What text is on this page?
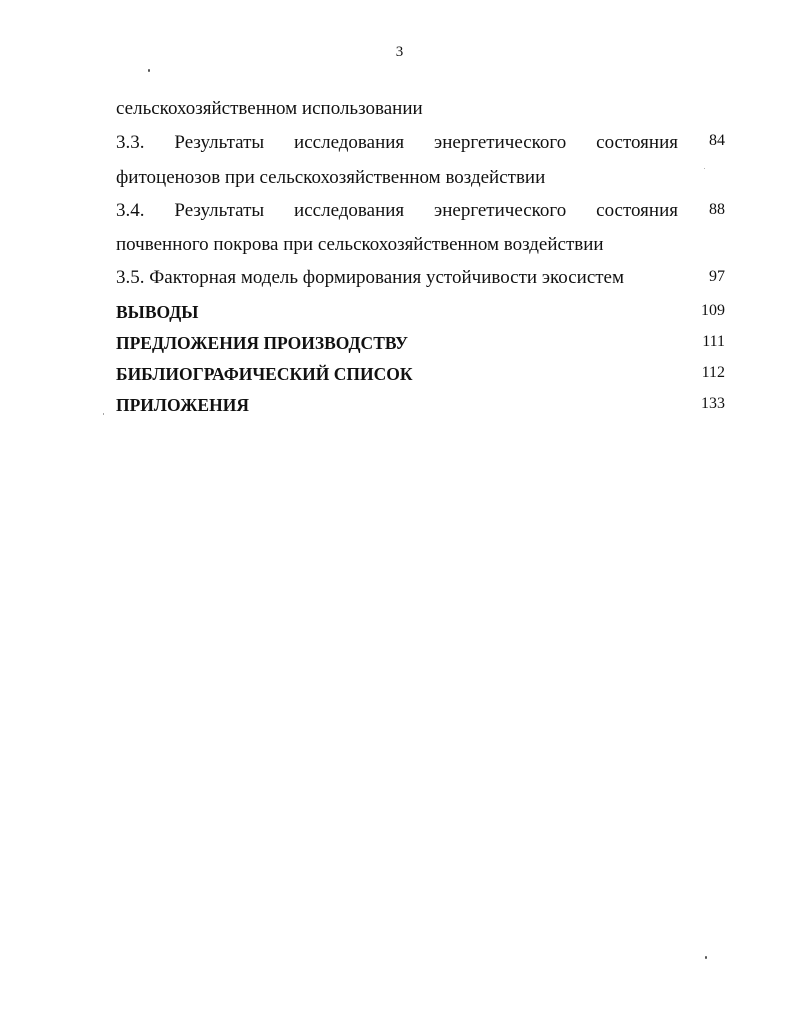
3
сельскохозяйственном использовании
3.3. Результаты исследования энергетического состояния	84
фитоценозов при сельскохозяйственном воздействии
3.4. Результаты исследования энергетического состояния	88
почвенного покрова при сельскохозяйственном воздействии
3.5. Факторная модель формирования устойчивости экосистем	97
ВЫВОДЫ	109
ПРЕДЛОЖЕНИЯ ПРОИЗВОДСТВУ	111
БИБЛИОГРАФИЧЕСКИЙ СПИСОК	112
ПРИЛОЖЕНИЯ	133
